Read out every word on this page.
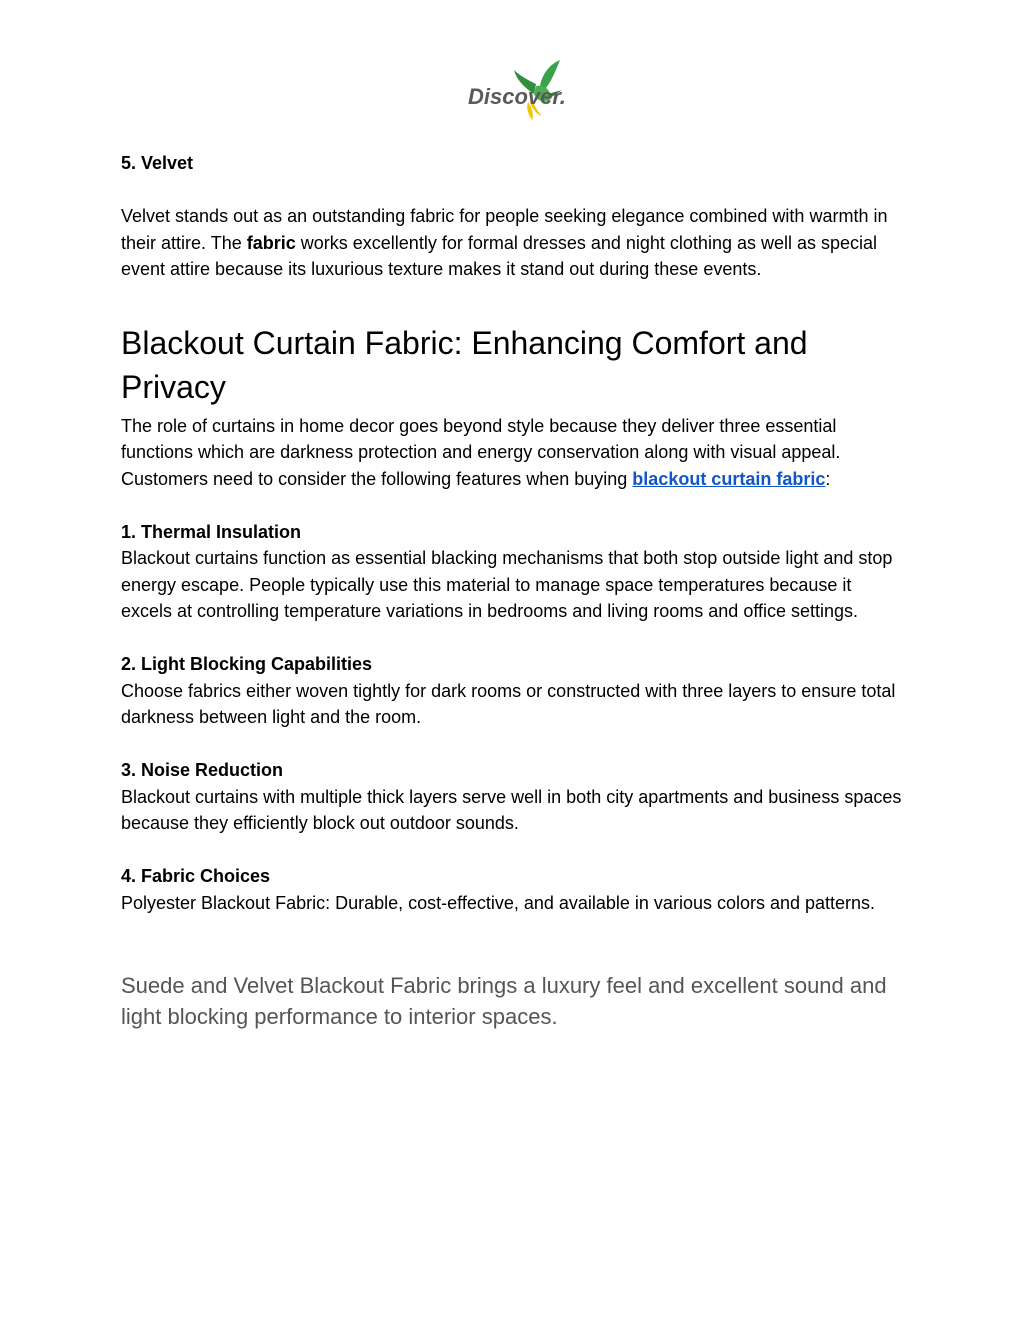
Discover.

5. Velvet

Velvet stands out as an outstanding fabric for people seeking elegance combined with warmth in their attire. The fabric works excellently for formal dresses and night clothing as well as special event attire because its luxurious texture makes it stand out during these events.

Blackout Curtain Fabric: Enhancing Comfort and Privacy

The role of curtains in home decor goes beyond style because they deliver three essential functions which are darkness protection and energy conservation along with visual appeal. Customers need to consider the following features when buying blackout curtain fabric:

1. Thermal Insulation

Blackout curtains function as essential blacking mechanisms that both stop outside light and stop energy escape. People typically use this material to manage space temperatures because it excels at controlling temperature variations in bedrooms and living rooms and office settings.

2. Light Blocking Capabilities

Choose fabrics either woven tightly for dark rooms or constructed with three layers to ensure total darkness between light and the room.

3. Noise Reduction

Blackout curtains with multiple thick layers serve well in both city apartments and business spaces because they efficiently block out outdoor sounds.

4. Fabric Choices

Polyester Blackout Fabric: Durable, cost-effective, and available in various colors and patterns.

Suede and Velvet Blackout Fabric brings a luxury feel and excellent sound and light blocking performance to interior spaces.
